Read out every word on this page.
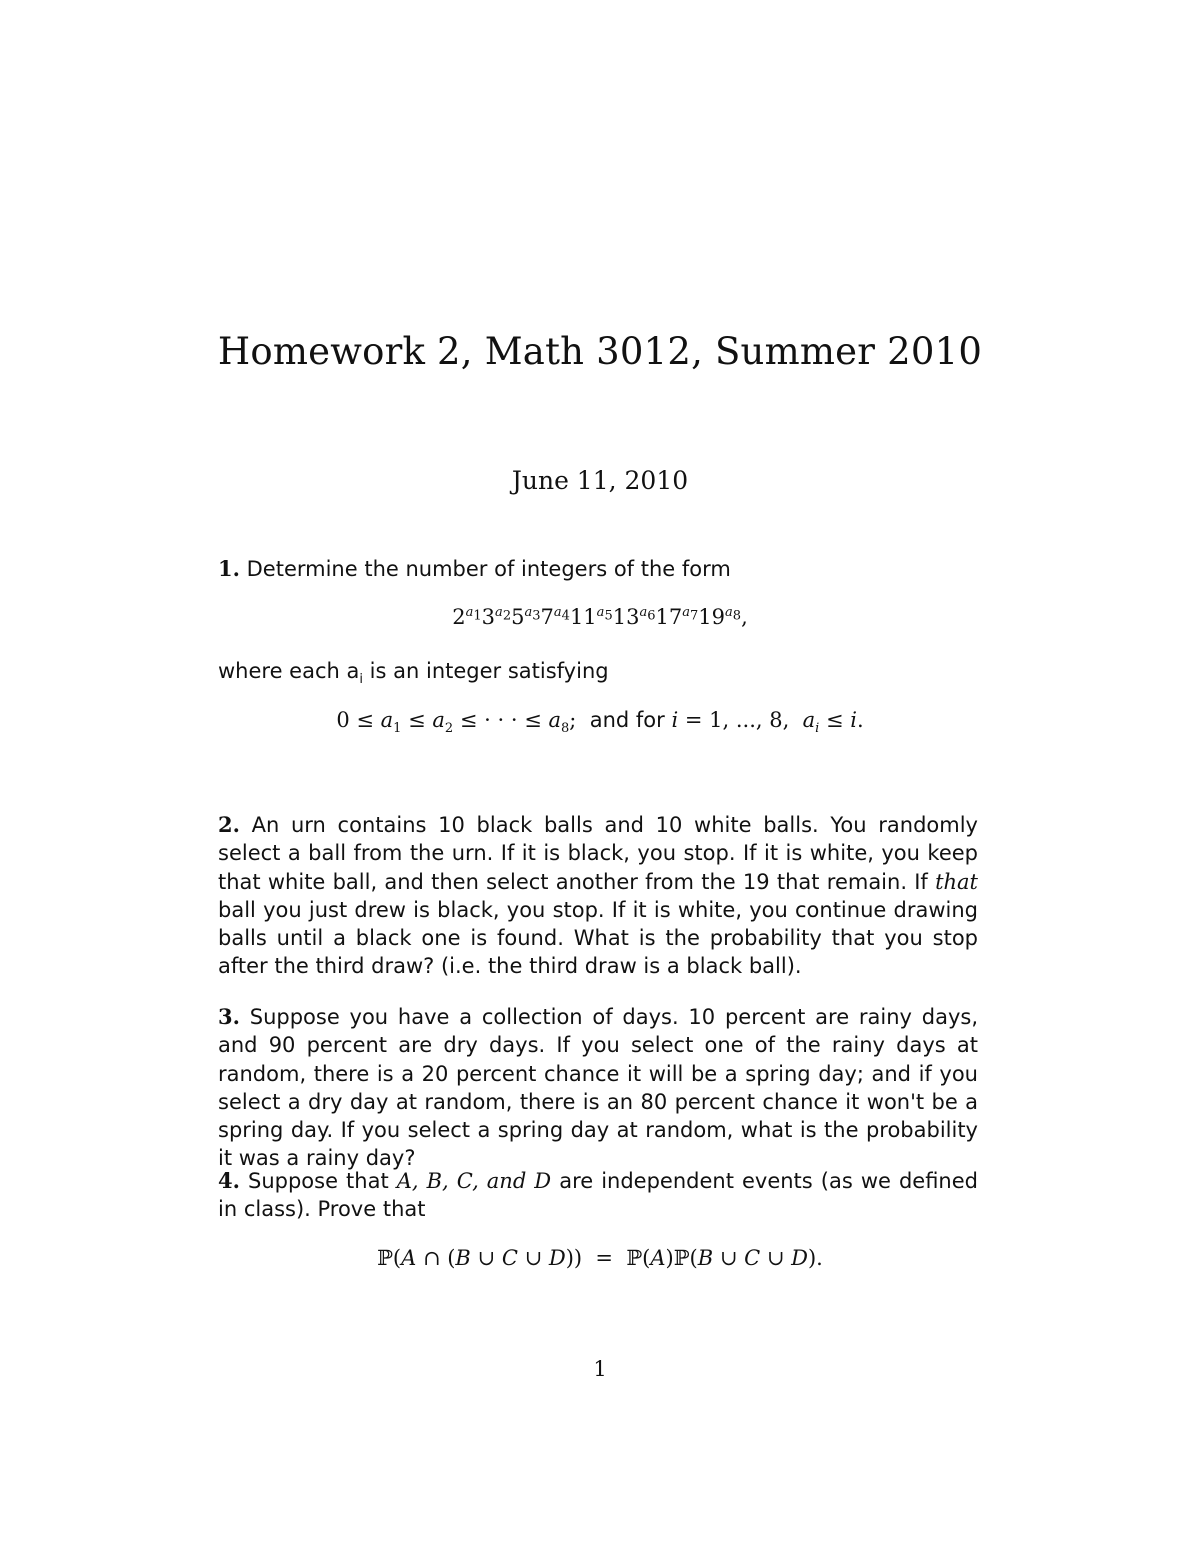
Homework 2, Math 3012, Summer 2010
June 11, 2010
1. Determine the number of integers of the form
$2^{a_1}3^{a_2}5^{a_3}7^{a_4}11^{a_5}13^{a_6}17^{a_7}19^{a_8}$,
where each $a_i$ is an integer satisfying
$0 \le a_1 \le a_2$ ≤ · · · ≤ $a_8$;  and for i = 1, ..., 8,  $a_i \le i$.
2. An urn contains 10 black balls and 10 white balls. You randomly select a ball from the urn. If it is black, you stop. If it is white, you keep that white ball, and then select another from the 19 that remain. If that ball you just drew is black, you stop. If it is white, you continue drawing balls until a black one is found. What is the probability that you stop after the third draw? (i.e. the third draw is a black ball).
3. Suppose you have a collection of days. 10 percent are rainy days, and 90 percent are dry days. If you select one of the rainy days at random, there is a 20 percent chance it will be a spring day; and if you select a dry day at random, there is an 80 percent chance it won't be a spring day. If you select a spring day at random, what is the probability it was a rainy day?
4. Suppose that A, B, C, and D are independent events (as we defined in class). Prove that
ℙ(A ∩ (B ∪ C ∪ D))  =  ℙ(A)ℙ(B ∪ C ∪ D).
1
